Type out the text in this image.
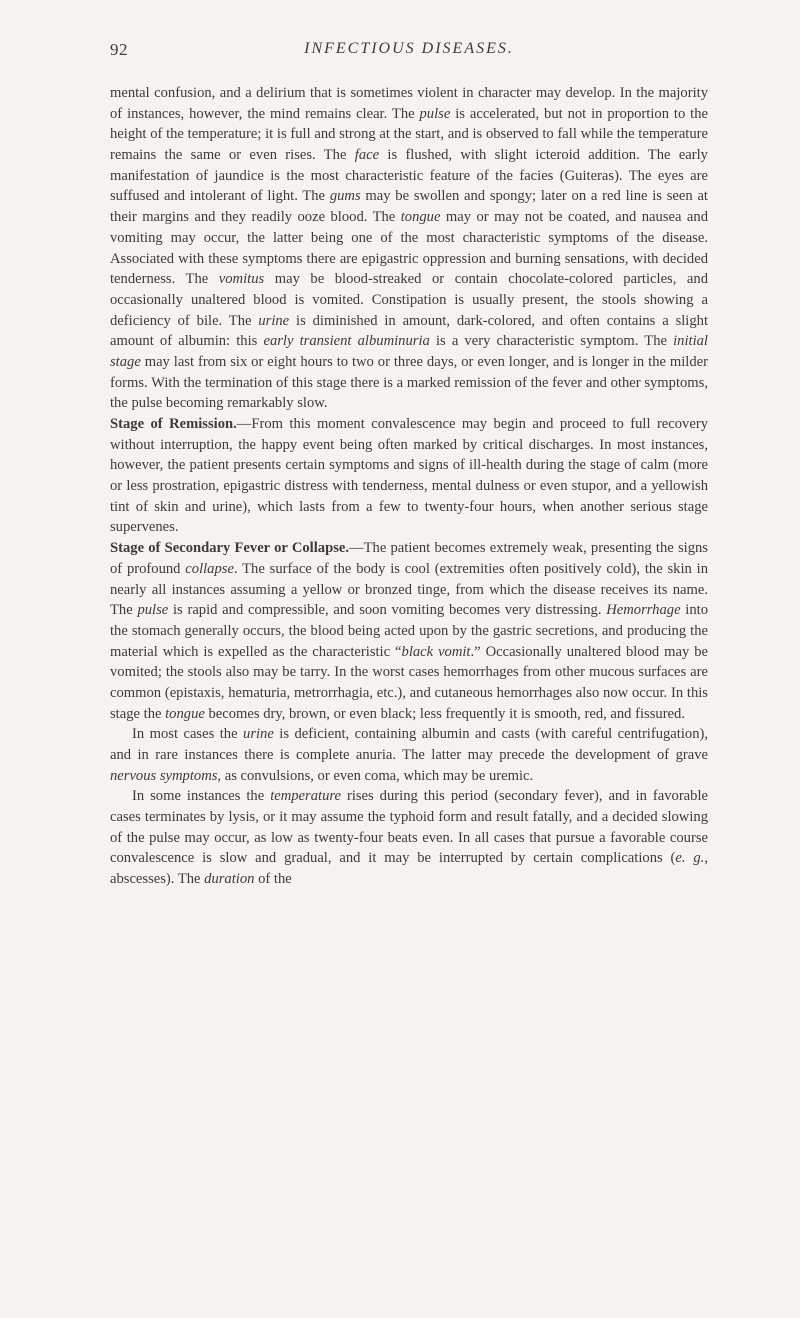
92	INFECTIOUS DISEASES.

mental confusion, and a delirium that is sometimes violent in character may develop. In the majority of instances, however, the mind remains clear. The pulse is accelerated, but not in proportion to the height of the temperature; it is full and strong at the start, and is observed to fall while the temperature remains the same or even rises. The face is flushed, with slight icteroid addition. The early manifestation of jaundice is the most characteristic feature of the facies (Guiteras). The eyes are suffused and intolerant of light. The gums may be swollen and spongy; later on a red line is seen at their margins and they readily ooze blood. The tongue may or may not be coated, and nausea and vomiting may occur, the latter being one of the most characteristic symptoms of the disease. Associated with these symptoms there are epigastric oppression and burning sensations, with decided tenderness. The vomitus may be blood-streaked or contain chocolate-colored particles, and occasionally unaltered blood is vomited. Constipation is usually present, the stools showing a deficiency of bile. The urine is diminished in amount, dark-colored, and often contains a slight amount of albumin: this early transient albuminuria is a very characteristic symptom. The initial stage may last from six or eight hours to two or three days, or even longer, and is longer in the milder forms. With the termination of this stage there is a marked remission of the fever and other symptoms, the pulse becoming remarkably slow.

Stage of Remission.—From this moment convalescence may begin and proceed to full recovery without interruption, the happy event being often marked by critical discharges. In most instances, however, the patient presents certain symptoms and signs of ill-health during the stage of calm (more or less prostration, epigastric distress with tenderness, mental dulness or even stupor, and a yellowish tint of skin and urine), which lasts from a few to twenty-four hours, when another serious stage supervenes.

Stage of Secondary Fever or Collapse.—The patient becomes extremely weak, presenting the signs of profound collapse. The surface of the body is cool (extremities often positively cold), the skin in nearly all instances assuming a yellow or bronzed tinge, from which the disease receives its name. The pulse is rapid and compressible, and soon vomiting becomes very distressing. Hemorrhage into the stomach generally occurs, the blood being acted upon by the gastric secretions, and producing the material which is expelled as the characteristic “black vomit.” Occasionally unaltered blood may be vomited; the stools also may be tarry. In the worst cases hemorrhages from other mucous surfaces are common (epistaxis, hematuria, metrorrhagia, etc.), and cutaneous hemorrhages also now occur. In this stage the tongue becomes dry, brown, or even black; less frequently it is smooth, red, and fissured.

In most cases the urine is deficient, containing albumin and casts (with careful centrifugation), and in rare instances there is complete anuria. The latter may precede the development of grave nervous symptoms, as convulsions, or even coma, which may be uremic.

In some instances the temperature rises during this period (secondary fever), and in favorable cases terminates by lysis, or it may assume the typhoid form and result fatally, and a decided slowing of the pulse may occur, as low as twenty-four beats even. In all cases that pursue a favorable course convalescence is slow and gradual, and it may be interrupted by certain complications (e. g., abscesses). The duration of the
